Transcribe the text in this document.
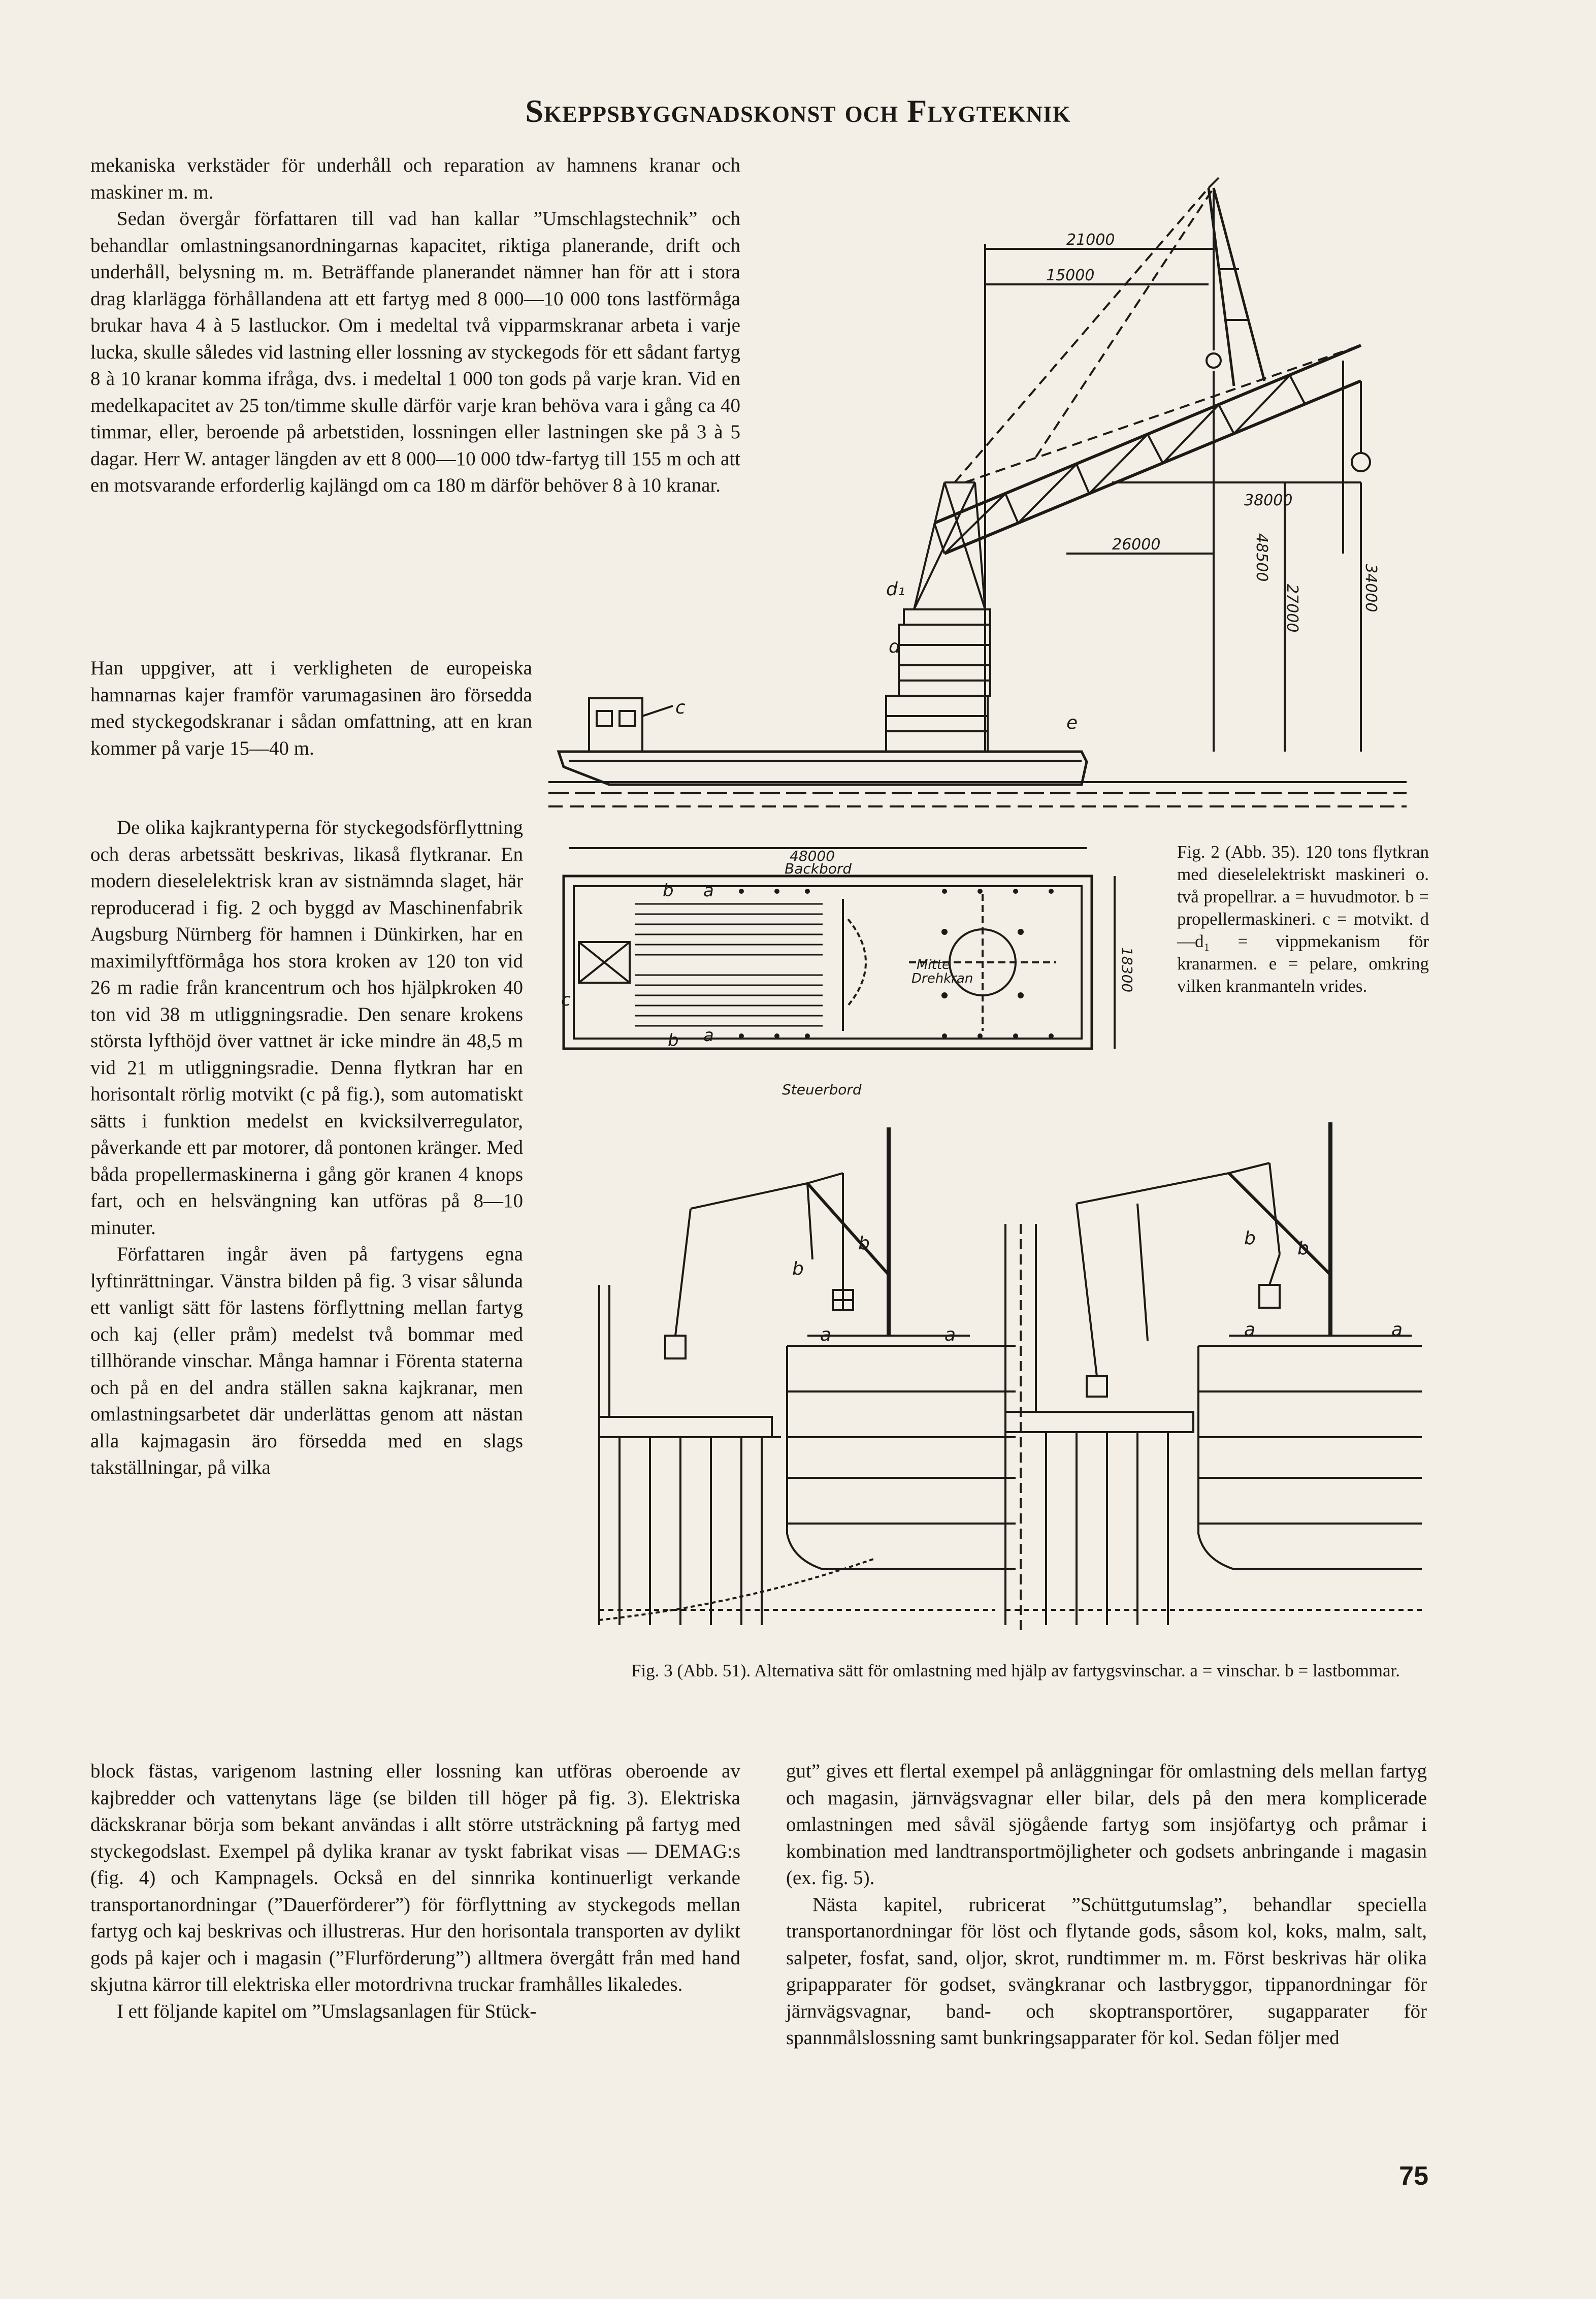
Skeppsbyggnadskonst och Flygteknik

mekaniska verkstäder för underhåll och reparation av hamnens kranar och maskiner m. m.

Sedan övergår författaren till vad han kallar ”Umschlagstechnik” och behandlar omlastningsanordningarnas kapacitet, riktiga planerande, drift och underhåll, belysning m. m. Beträffande planerandet nämner han för att i stora drag klarlägga förhållandena att ett fartyg med 8 000—10 000 tons lastförmåga brukar hava 4 à 5 lastluckor. Om i medeltal två vipparmskranar arbeta i varje lucka, skulle således vid lastning eller lossning av styckegods för ett sådant fartyg 8 à 10 kranar komma ifråga, dvs. i medeltal 1 000 ton gods på varje kran. Vid en medelkapacitet av 25 ton/timme skulle därför varje kran behöva vara i gång ca 40 timmar, eller, beroende på arbetstiden, lossningen eller lastningen ske på 3 à 5 dagar. Herr W. antager längden av ett 8 000—10 000 tdw-fartyg till 155 m och att en motsvarande erforderlig kajlängd om ca 180 m därför behöver 8 à 10 kranar.

Han uppgiver, att i verkligheten de europeiska hamnarnas kajer framför varumagasinen äro försedda med styckegodskranar i sådan omfattning, att en kran kommer på varje 15—40 m.

De olika kajkrantyperna för styckegodsförflyttning och deras arbetssätt beskrivas, likaså flytkranar. En modern dieselelektrisk kran av sistnämnda slaget, här reproducerad i fig. 2 och byggd av Maschinenfabrik Augsburg Nürnberg för hamnen i Dünkirken, har en maximilyftförmåga hos stora kroken av 120 ton vid 26 m radie från krancentrum och hos hjälpkroken 40 ton vid 38 m utliggningsradie. Den senare krokens största lyfthöjd över vattnet är icke mindre än 48,5 m vid 21 m utliggningsradie. Denna flytkran har en horisontalt rörlig motvikt (c på fig.), som automatiskt sätts i funktion medelst en kvicksilverregulator, påverkande ett par motorer, då pontonen kränger. Med båda propellermaskinerna i gång gör kranen 4 knops fart, och en helsvängning kan utföras på 8—10 minuter.

Författaren ingår även på fartygens egna lyftinrättningar. Vänstra bilden på fig. 3 visar sålunda ett vanligt sätt för lastens förflyttning mellan fartyg och kaj (eller pråm) medelst två bommar med tillhörande vinschar. Många hamnar i Förenta staterna och på en del andra ställen sakna kajkranar, men omlastningsarbetet där underlättas genom att nästan alla kajmagasin äro försedda med en slags takställningar, på vilka

block fästas, varigenom lastning eller lossning kan utföras oberoende av kajbredder och vattenytans läge (se bilden till höger på fig. 3). Elektriska däckskranar börja som bekant användas i allt större utsträckning på fartyg med styckegodslast. Exempel på dylika kranar av tyskt fabrikat visas — DEMAG:s (fig. 4) och Kampnagels. Också en del sinnrika kontinuerligt verkande transportanordningar (”Dauerförderer”) för förflyttning av styckegods mellan fartyg och kaj beskrivas och illustreras. Hur den horisontala transporten av dylikt gods på kajer och i magasin (”Flurförderung”) alltmera övergått från med hand skjutna kärror till elektriska eller motordrivna truckar framhålles likaledes.

I ett följande kapitel om ”Umslagsanlagen für Stück-

gut” gives ett flertal exempel på anläggningar för omlastning dels mellan fartyg och magasin, järnvägsvagnar eller bilar, dels på den mera komplicerade omlastningen med såväl sjögående fartyg som insjöfartyg och pråmar i kombination med landtransportmöjligheter och godsets anbringande i magasin (ex. fig. 5).

Nästa kapitel, rubricerat ”Schüttgutumslag”, behandlar speciella transportanordningar för löst och flytande gods, såsom kol, koks, malm, salt, salpeter, fosfat, sand, oljor, skrot, rundtimmer m. m. Först beskrivas här olika gripapparater för godset, svängkranar och lastbryggor, tippanordningar för järnvägsvagnar, band- och skoptransportörer, sugapparater för spannmålslossning samt bunkringsapparater för kol. Sedan följer med

21000
15000
38000
26000	48500
27000	34000
d₁
d
c
e
48000
Backbord
Steuerbord
Mitte
Drehkran	18300
a
a
b
b
c
Fig. 2 (Abb. 35). 120 tons flytkran med dieselelektriskt maskineri o. två propellrar. a = huvudmotor. b = propellermaskineri. c = motvikt. d—d₁ = vippmekanism för kranarmen. e = pelare, omkring vilken kranmanteln vrides.
b
b
a	a
b b
a	a
Fig. 3 (Abb. 51). Alternativa sätt för omlastning med hjälp av fartygsvinschar. a = vinschar. b = lastbommar.
75
